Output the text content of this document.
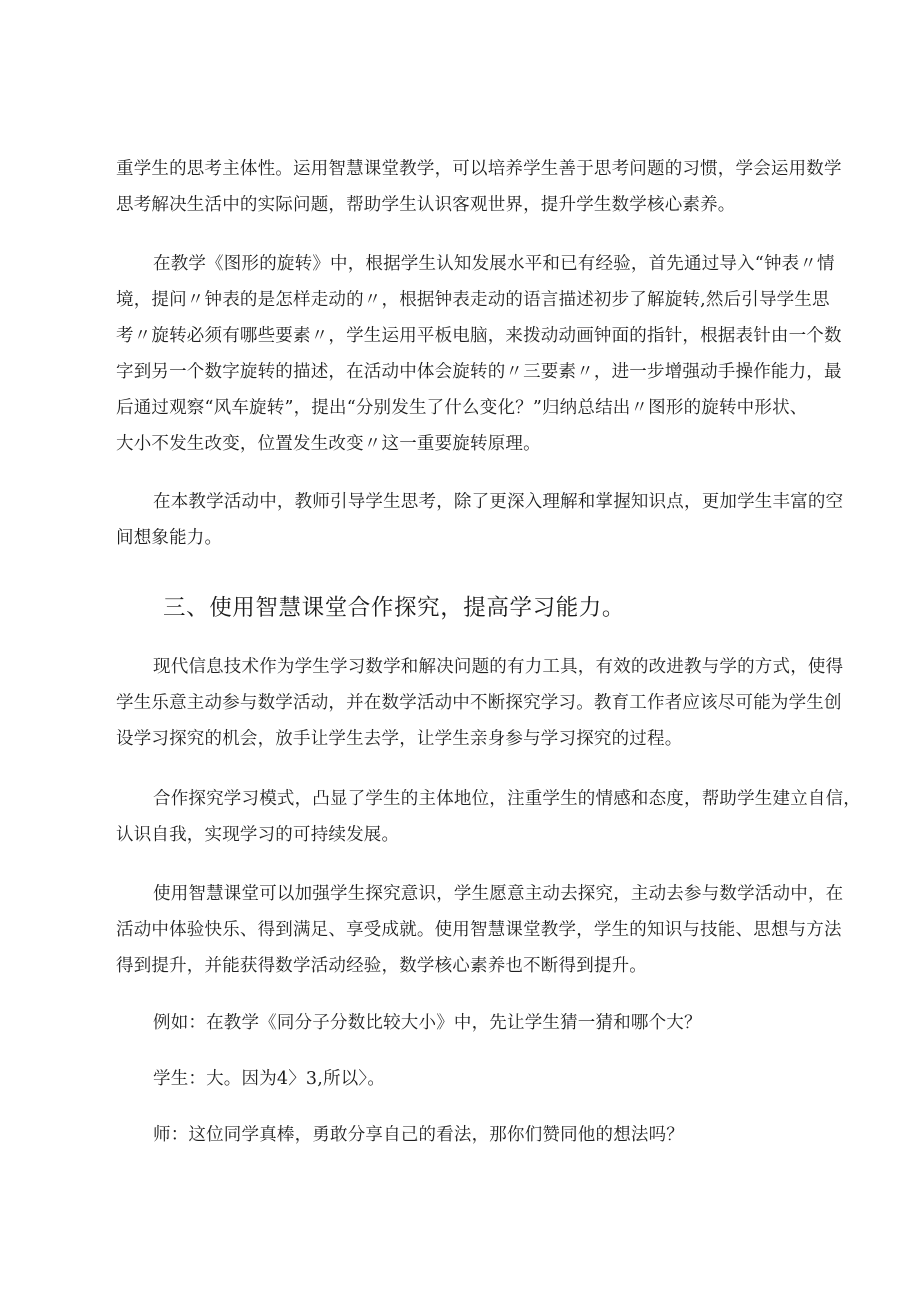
重学生的思考主体性。运用智慧课堂教学，可以培养学生善于思考问题的习惯，学会运用数学
思考解决生活中的实际问题，帮助学生认识客观世界，提升学生数学核心素养。
在教学《图形的旋转》中，根据学生认知发展水平和已有经验，首先通过导入“钟表〃情
境，提问〃钟表的是怎样走动的〃，根据钟表走动的语言描述初步了解旋转,然后引导学生思
考〃旋转必须有哪些要素〃，学生运用平板电脑，来拨动动画钟面的指针，根据表针由一个数
字到另一个数字旋转的描述，在活动中体会旋转的〃三要素〃，进一步增强动手操作能力，最
后通过观察“风车旋转”，提出“分别发生了什么变化？”归纳总结出〃图形的旋转中形状、
大小不发生改变，位置发生改变〃这一重要旋转原理。
在本教学活动中，教师引导学生思考，除了更深入理解和掌握知识点，更加学生丰富的空
间想象能力。
三、使用智慧课堂合作探究，提高学习能力。
现代信息技术作为学生学习数学和解决问题的有力工具，有效的改进教与学的方式，使得
学生乐意主动参与数学活动，并在数学活动中不断探究学习。教育工作者应该尽可能为学生创
设学习探究的机会，放手让学生去学，让学生亲身参与学习探究的过程。
合作探究学习模式，凸显了学生的主体地位，注重学生的情感和态度，帮助学生建立自信，
认识自我，实现学习的可持续发展。
使用智慧课堂可以加强学生探究意识，学生愿意主动去探究，主动去参与数学活动中，在
活动中体验快乐、得到满足、享受成就。使用智慧课堂教学，学生的知识与技能、思想与方法
得到提升，并能获得数学活动经验，数学核心素养也不断得到提升。
例如：在教学《同分子分数比较大小》中，先让学生猜一猜和哪个大？
学生：大。因为4〉3,所以〉。
师：这位同学真棒，勇敢分享自己的看法，那你们赞同他的想法吗？
